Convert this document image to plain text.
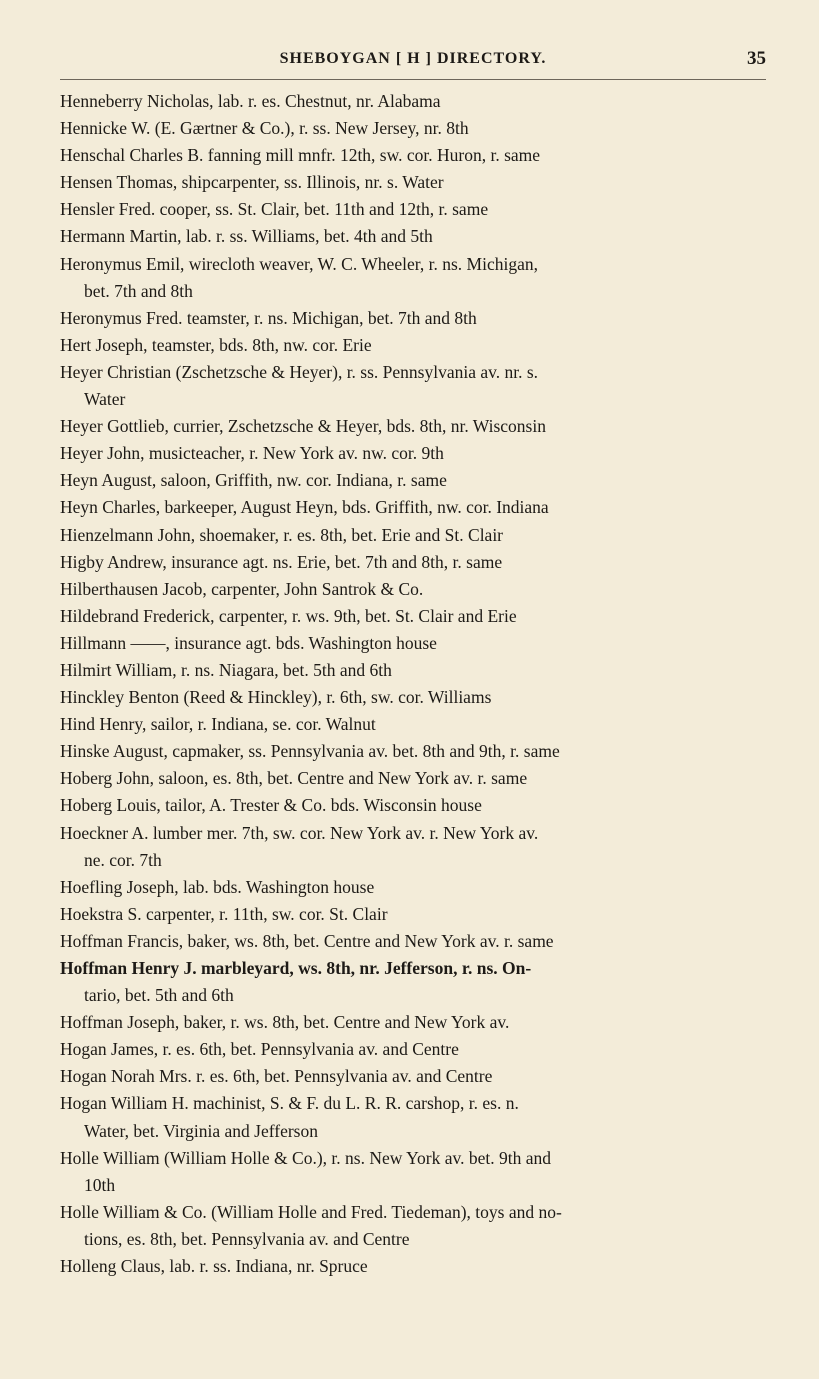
SHEBOYGAN [ H ] DIRECTORY.	35
Henneberry Nicholas, lab. r. es. Chestnut, nr. Alabama
Hennicke W. (E. Gærtner & Co.), r. ss. New Jersey, nr. 8th
Henschal Charles B. fanning mill mnfr. 12th, sw. cor. Huron, r. same
Hensen Thomas, shipcarpenter, ss. Illinois, nr. s. Water
Hensler Fred. cooper, ss. St. Clair, bet. 11th and 12th, r. same
Hermann Martin, lab. r. ss. Williams, bet. 4th and 5th
Heronymus Emil, wirecloth weaver, W. C. Wheeler, r. ns. Michigan,
bet. 7th and 8th
Heronymus Fred. teamster, r. ns. Michigan, bet. 7th and 8th
Hert Joseph, teamster, bds. 8th, nw. cor. Erie
Heyer Christian (Zschetzsche & Heyer), r. ss. Pennsylvania av. nr. s.
Water
Heyer Gottlieb, currier, Zschetzsche & Heyer, bds. 8th, nr. Wisconsin
Heyer John, musicteacher, r. New York av. nw. cor. 9th
Heyn August, saloon, Griffith, nw. cor. Indiana, r. same
Heyn Charles, barkeeper, August Heyn, bds. Griffith, nw. cor. Indiana
Hienzelmann John, shoemaker, r. es. 8th, bet. Erie and St. Clair
Higby Andrew, insurance agt. ns. Erie, bet. 7th and 8th, r. same
Hilberthausen Jacob, carpenter, John Santrok & Co.
Hildebrand Frederick, carpenter, r. ws. 9th, bet. St. Clair and Erie
Hillmann ——, insurance agt. bds. Washington house
Hilmirt William, r. ns. Niagara, bet. 5th and 6th
Hinckley Benton (Reed & Hinckley), r. 6th, sw. cor. Williams
Hind Henry, sailor, r. Indiana, se. cor. Walnut
Hinske August, capmaker, ss. Pennsylvania av. bet. 8th and 9th, r. same
Hoberg John, saloon, es. 8th, bet. Centre and New York av. r. same
Hoberg Louis, tailor, A. Trester & Co. bds. Wisconsin house
Hoeckner A. lumber mer. 7th, sw. cor. New York av. r. New York av.
ne. cor. 7th
Hoefling Joseph, lab. bds. Washington house
Hoekstra S. carpenter, r. 11th, sw. cor. St. Clair
Hoffman Francis, baker, ws. 8th, bet. Centre and New York av. r. same
Hoffman Henry J. marbleyard, ws. 8th, nr. Jefferson, r. ns. On-
tario, bet. 5th and 6th
Hoffman Joseph, baker, r. ws. 8th, bet. Centre and New York av.
Hogan James, r. es. 6th, bet. Pennsylvania av. and Centre
Hogan Norah Mrs. r. es. 6th, bet. Pennsylvania av. and Centre
Hogan William H. machinist, S. & F. du L. R. R. carshop, r. es. n.
Water, bet. Virginia and Jefferson
Holle William (William Holle & Co.), r. ns. New York av. bet. 9th and
10th
Holle William & Co. (William Holle and Fred. Tiedeman), toys and no-
tions, es. 8th, bet. Pennsylvania av. and Centre
Holleng Claus, lab. r. ss. Indiana, nr. Spruce
